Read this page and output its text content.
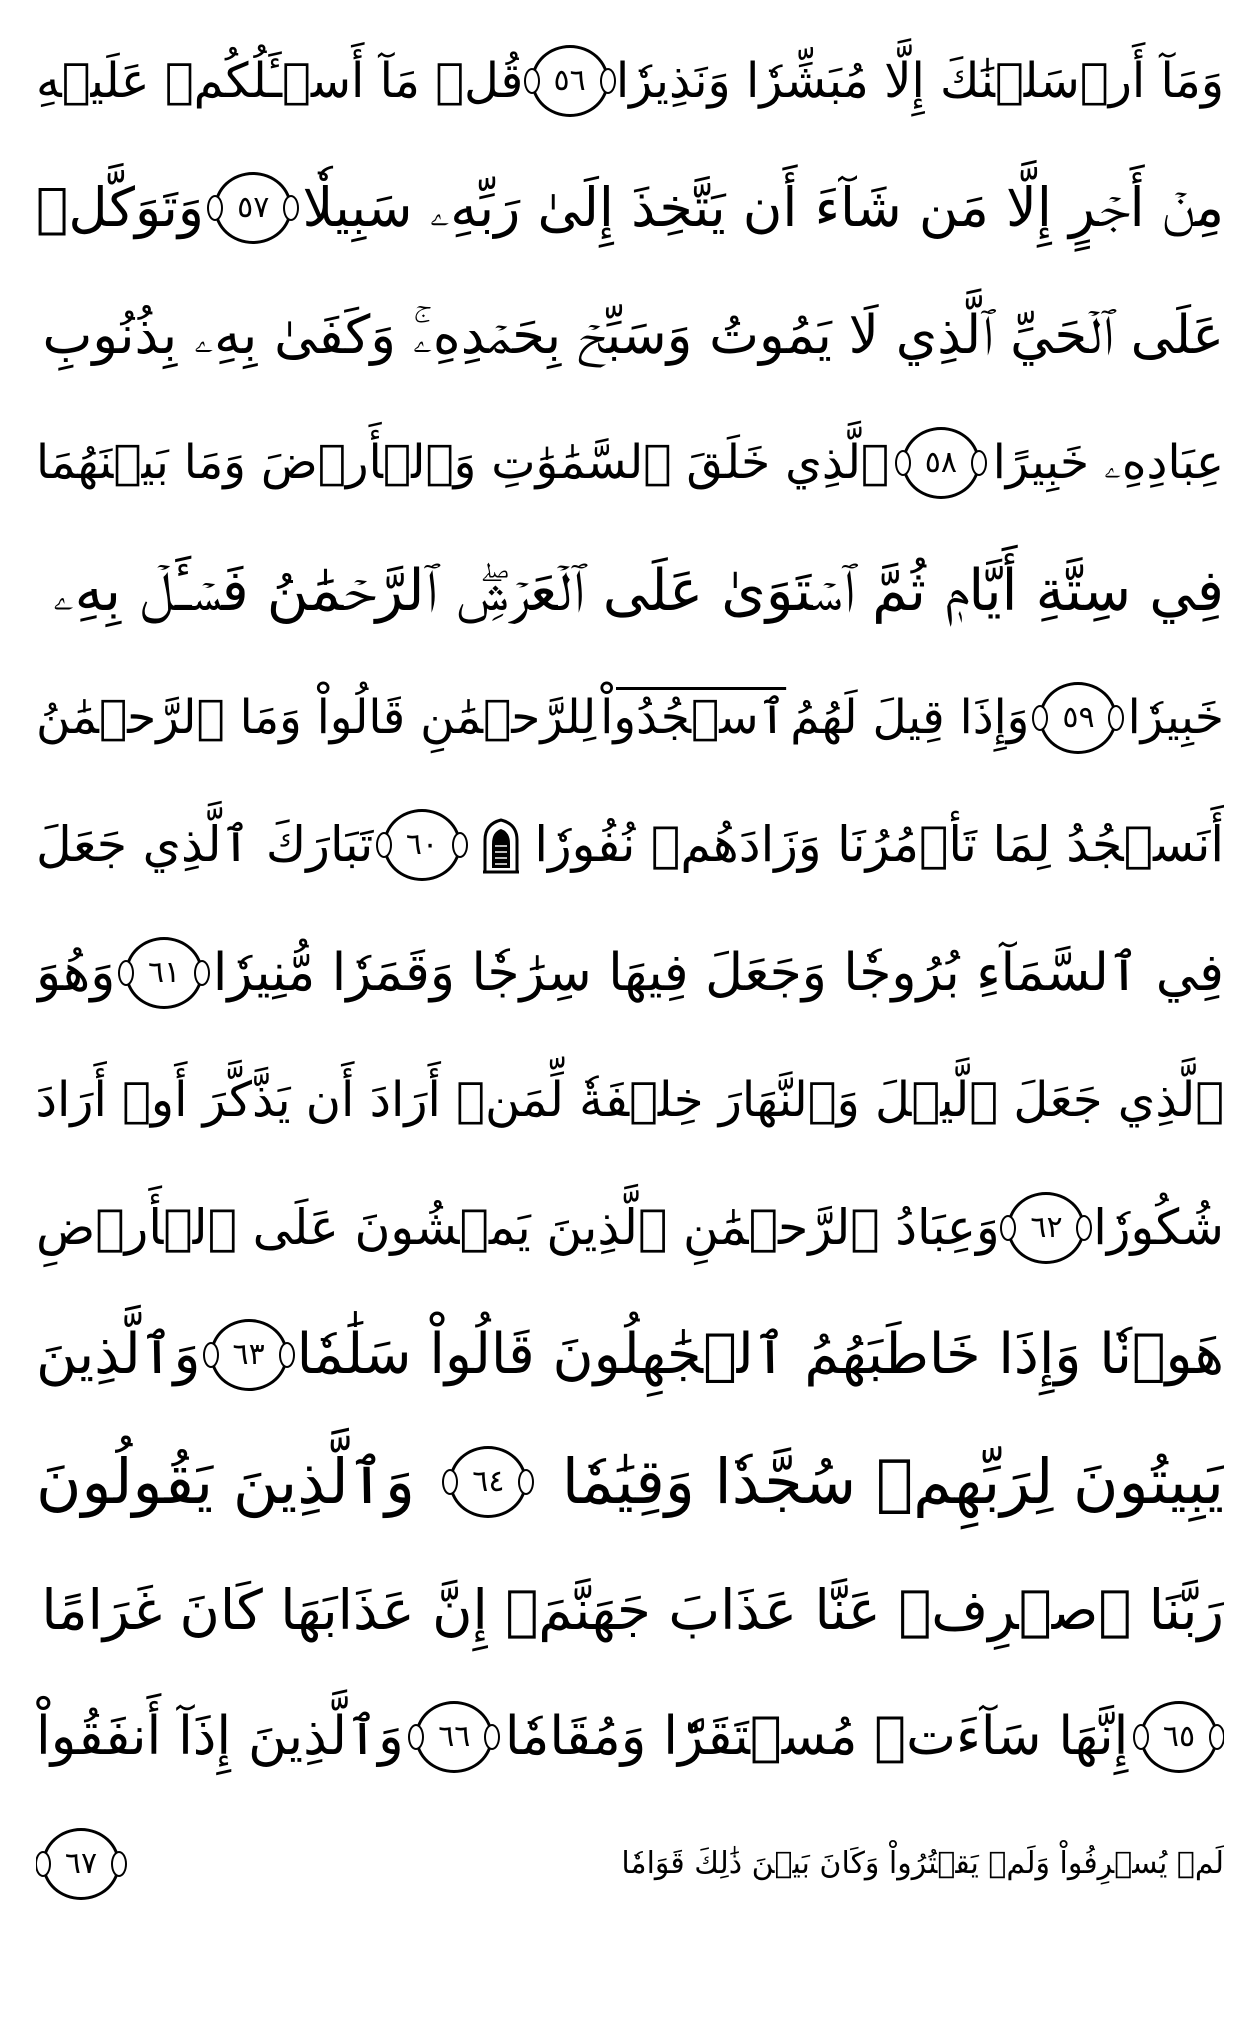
وَمَآ أَرۡسَلۡنَٰكَ إِلَّا مُبَشِّرٗا وَنَذِيرٗا
٥٦
قُلۡ مَآ أَسۡـَٔلُكُمۡ عَلَيۡهِ
مِنۡ أَجۡرٍ إِلَّا مَن شَآءَ أَن يَتَّخِذَ إِلَىٰ رَبِّهِۦ سَبِيلٗا
٥٧
وَتَوَكَّلۡ
عَلَى ٱلۡحَيِّ ٱلَّذِي لَا يَمُوتُ وَسَبِّحۡ بِحَمۡدِهِۦۚ وَكَفَىٰ بِهِۦ بِذُنُوبِ
عِبَادِهِۦ خَبِيرًا
٥٨
ٱلَّذِي خَلَقَ ٱلسَّمَٰوَٰتِ وَٱلۡأَرۡضَ وَمَا بَيۡنَهُمَا
فِي سِتَّةِ أَيَّامٖ ثُمَّ ٱسۡتَوَىٰ عَلَى ٱلۡعَرۡشِۖ ٱلرَّحۡمَٰنُ فَسۡـَٔلۡ بِهِۦ
خَبِيرٗا
٥٩
وَإِذَا قِيلَ لَهُمُ
ٱسۡجُدُواْ
لِلرَّحۡمَٰنِ قَالُواْ وَمَا ٱلرَّحۡمَٰنُ
أَنَسۡجُدُ لِمَا تَأۡمُرُنَا وَزَادَهُمۡ نُفُورٗا
٦٠
تَبَارَكَ ٱلَّذِي جَعَلَ
فِي ٱلسَّمَآءِ بُرُوجٗا وَجَعَلَ فِيهَا سِرَٰجٗا وَقَمَرٗا مُّنِيرٗا
٦١
وَهُوَ
ٱلَّذِي جَعَلَ ٱلَّيۡلَ وَٱلنَّهَارَ خِلۡفَةٗ لِّمَنۡ أَرَادَ أَن يَذَّكَّرَ أَوۡ أَرَادَ
شُكُورٗا
٦٢
وَعِبَادُ ٱلرَّحۡمَٰنِ ٱلَّذِينَ يَمۡشُونَ عَلَى ٱلۡأَرۡضِ
هَوۡنٗا وَإِذَا خَاطَبَهُمُ ٱلۡجَٰهِلُونَ قَالُواْ سَلَٰمٗا
٦٣
وَٱلَّذِينَ
يَبِيتُونَ لِرَبِّهِمۡ سُجَّدٗا وَقِيَٰمٗا
٦٤
وَٱلَّذِينَ يَقُولُونَ
رَبَّنَا ٱصۡرِفۡ عَنَّا عَذَابَ جَهَنَّمَۖ إِنَّ عَذَابَهَا كَانَ غَرَامًا
٦٥
إِنَّهَا سَآءَتۡ مُسۡتَقَرّٗا وَمُقَامٗا
٦٦
وَٱلَّذِينَ إِذَآ أَنفَقُواْ
لَمۡ يُسۡرِفُواْ وَلَمۡ يَقۡتُرُواْ وَكَانَ بَيۡنَ ذَٰلِكَ قَوَامٗا
٦٧
